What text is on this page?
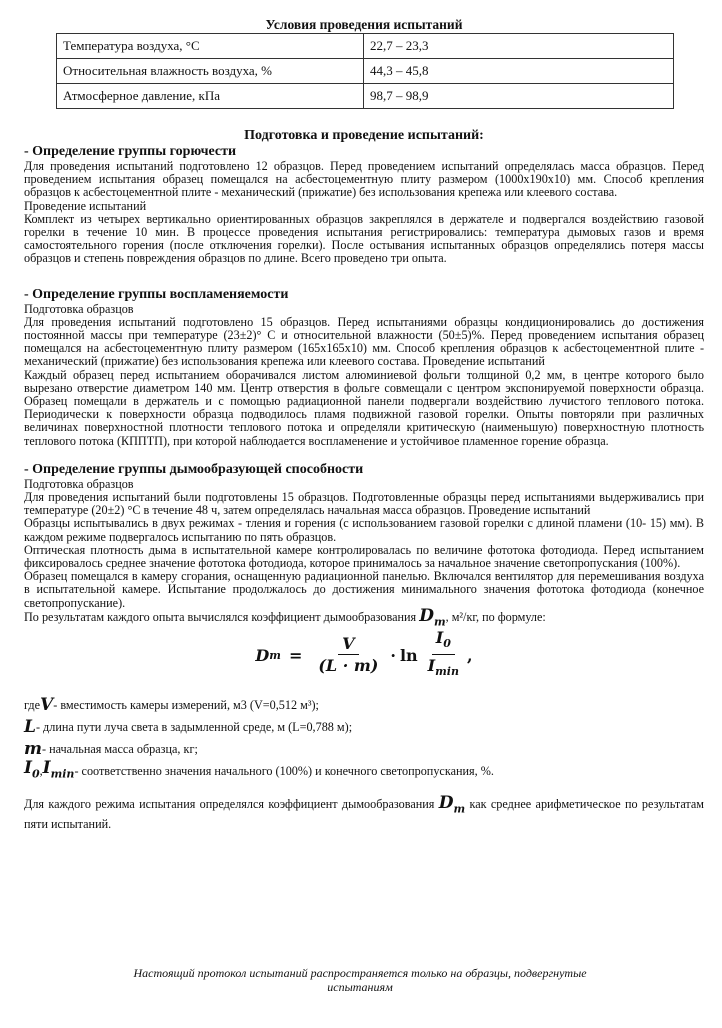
Условия проведения испытаний
Температура воздуха, °С	22,7 – 23,3
Относительная влажность воздуха, %	44,3 – 45,8
Атмосферное давление, кПа	98,7 – 98,9
Подготовка и проведение испытаний:
- Определение группы горючести

Для проведения испытаний подготовлено 12 образцов. Перед проведением испытаний определялась масса образцов. Перед проведением испытания образец помещался на асбестоцементную плиту размером (1000х190х10) мм. Способ крепления образцов к асбестоцементной плите - механический (прижатие) без использования крепежа или клеевого состава.

Проведение испытаний

Комплект из четырех вертикально ориентированных образцов закреплялся в держателе и подвергался воздействию газовой горелки в течение 10 мин. В процессе проведения испытания регистрировались: температура дымовых газов и время самостоятельного горения (после отключения горелки). После остывания испытанных образцов определялись потеря массы образцов и степень повреждения образцов по длине. Всего проведено три опыта.

- Определение группы воспламеняемости

Подготовка образцов

Для проведения испытаний подготовлено 15 образцов. Перед испытаниями образцы кондиционировались до достижения постоянной массы при температуре (23±2)° С и относительной влажности (50±5)%. Перед проведением испытания образец помещался на асбестоцементную плиту размером (165х165х10) мм. Способ крепления образцов к асбестоцементной плите - механический (прижатие) без использования крепежа или клеевого состава. Проведение испытаний

Каждый образец перед испытанием оборачивался листом алюминиевой фольги толщиной 0,2 мм, в центре которого было вырезано отверстие диаметром 140 мм. Центр отверстия в фольге совмещали с центром экспонируемой поверхности образца. Образец помещали в держатель и с помощью радиационной панели подвергали воздействию лучистого теплового потока. Периодически к поверхности образца подводилось пламя подвижной газовой горелки. Опыты повторяли при различных величинах поверхностной плотности теплового потока и определяли критическую (наименьшую) поверхностную плотность теплового потока (КППТП), при которой наблюдается воспламенение и устойчивое пламенное горение образца.

- Определение группы дымообразующей способности

Подготовка образцов

Для проведения испытаний были подготовлены 15 образцов. Подготовленные образцы перед испытаниями выдерживались при температуре (20±2) °С в течение 48 ч, затем определялась начальная масса образцов. Проведение испытаний

Образцы испытывались в двух режимах - тления и горения (с использованием газовой горелки с длиной пламени (10- 15) мм). В каждом режиме подвергалось испытанию по пять образцов.

Оптическая плотность дыма в испытательной камере контролировалась по величине фототока фотодиода. Перед испытанием фиксировалось среднее значение фототока фотодиода, которое принималось за начальное значение светопропускания (100%).

Образец помещался в камеру сгорания, оснащенную радиационной панелью. Включался вентилятор для перемешивания воздуха в испытательной камере. Испытание продолжалось до достижения минимального значения фототока фотодиода (конечное светопропускание).

По результатам каждого опыта вычислялся коэффициент дымообразования $D_m$, м²/кг, по формуле:
D $m = \frac{V}{(L \cdot m)} \cdot \ln \frac{I_0}{I_{min}}$ ,
где V - вместимость камеры измерений, м3 (V=0,512 м³);
L - длина пути луча света в задымленной среде, м (L=0,788 м);
m - начальная масса образца, кг;
$I_0$ , $I_{min}$ - соответственно значения начального (100%) и конечного светопропускания, %.
Для каждого режима испытания определялся коэффициент дымообразования $D_m$ как среднее арифметическое по результатам пяти испытаний.
Настоящий протокол испытаний распространяется только на образцы, подвергнутые испытаниям
